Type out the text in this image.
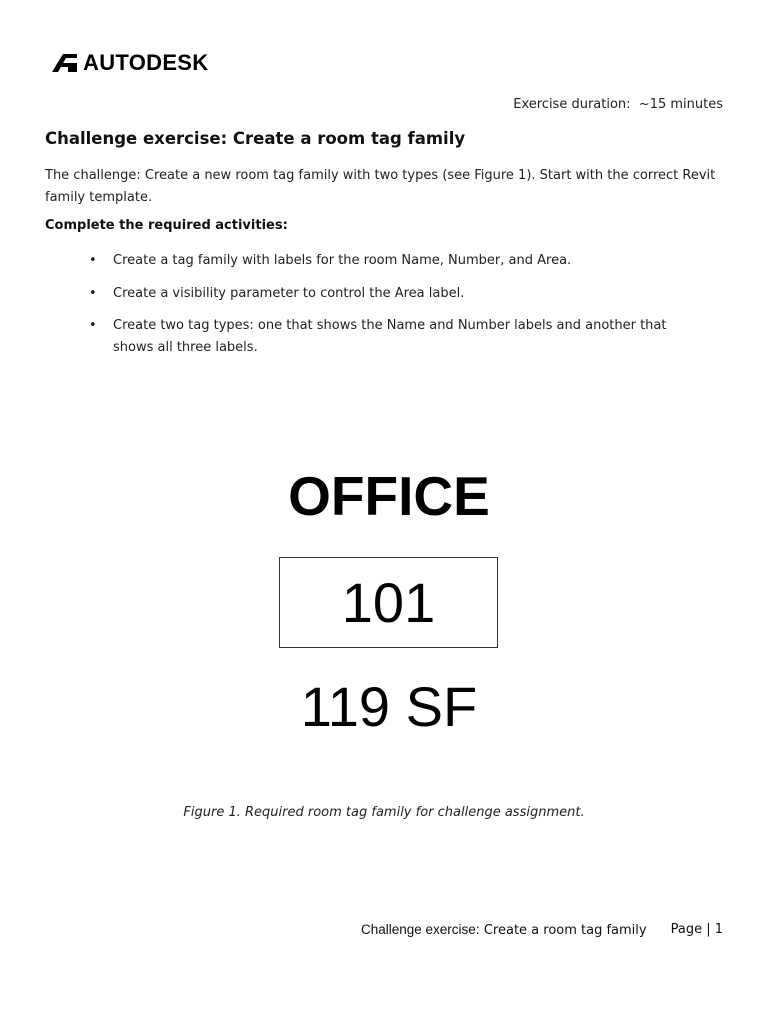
AUTODESK
Exercise duration:  ~15 minutes
Challenge exercise: Create a room tag family

The challenge: Create a new room tag family with two types (see Figure 1). Start with the correct Revit family template.

Complete the required activities:

• Create a tag family with labels for the room Name, Number, and Area.
• Create a visibility parameter to control the Area label.
• Create two tag types: one that shows the Name and Number labels and another that shows all three labels.
OFFICE
101
119 SF
Figure 1. Required room tag family for challenge assignment.
Challenge exercise: Create a room tag family Page | 1
